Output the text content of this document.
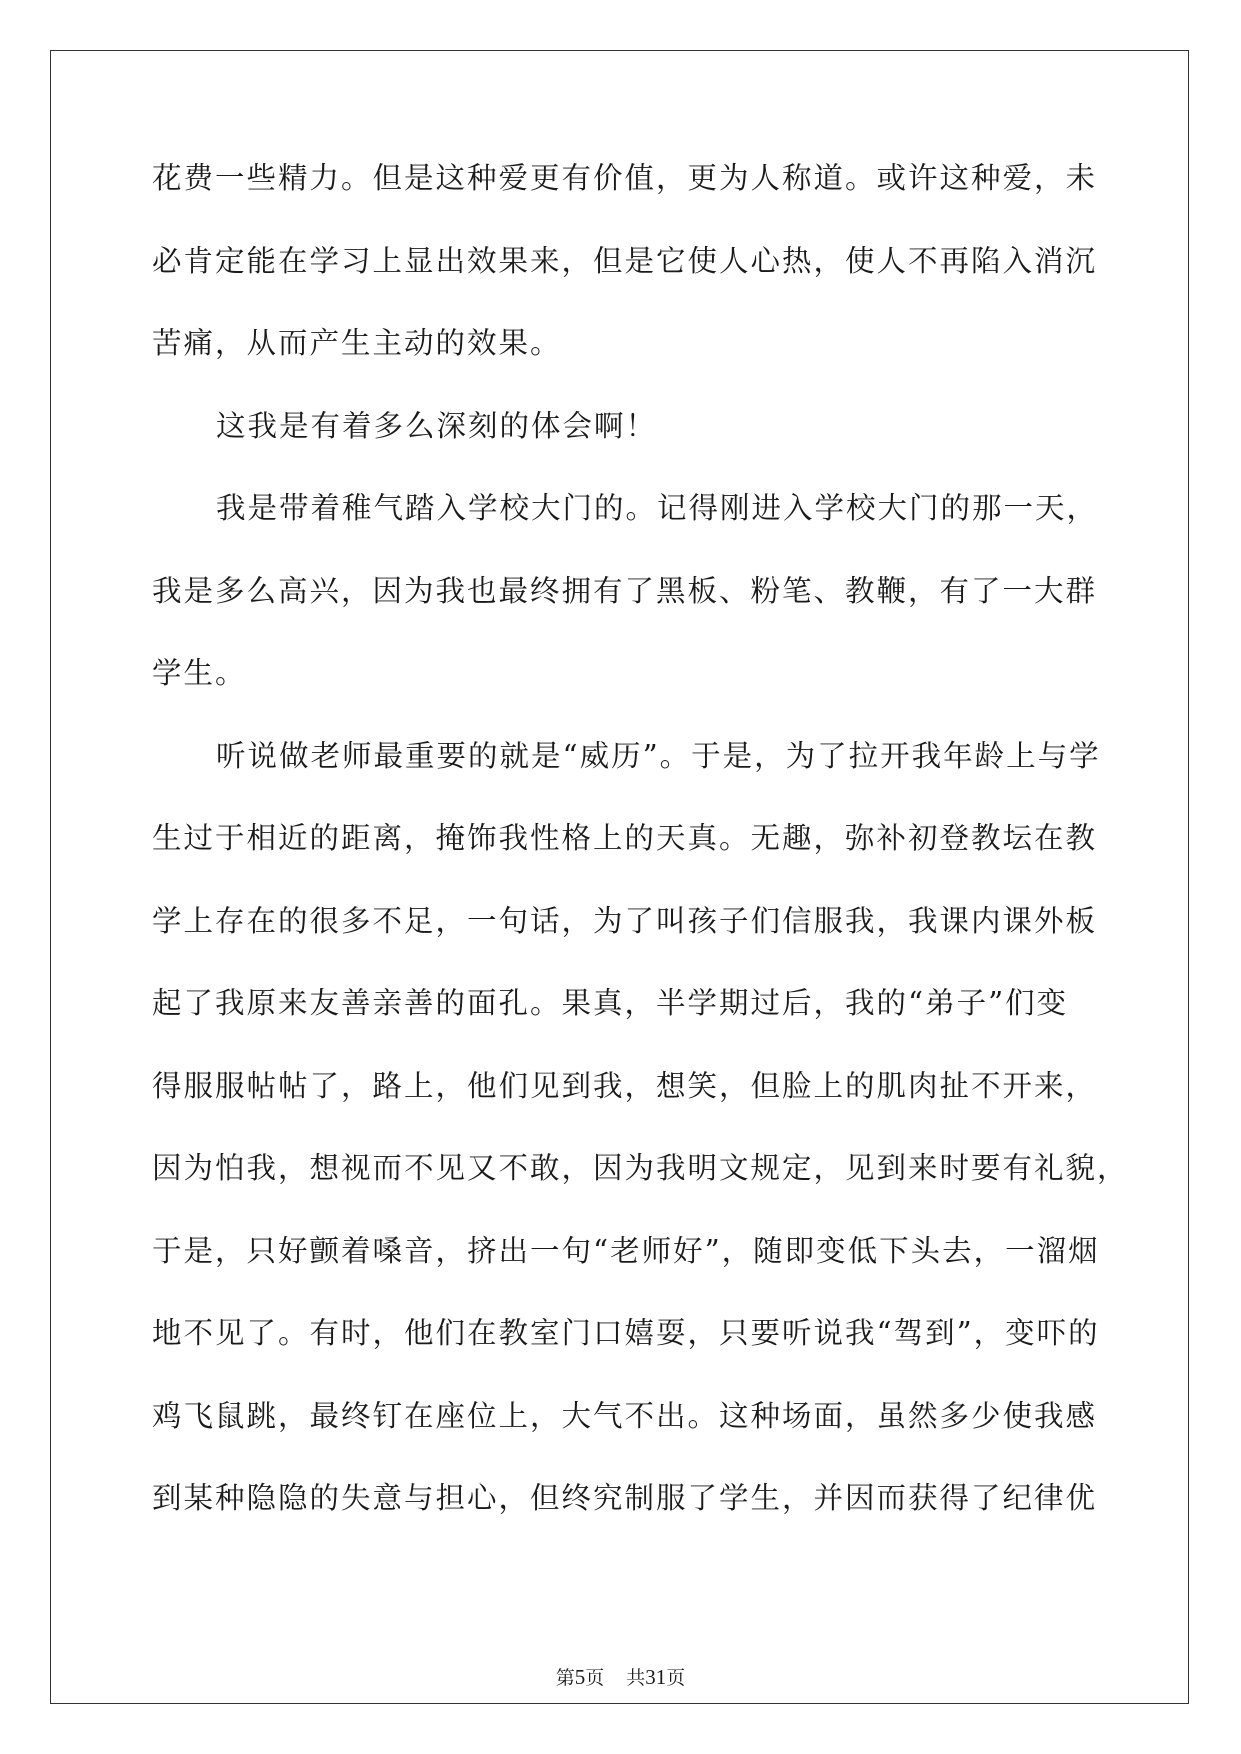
花费一些精力。但是这种爱更有价值，更为人称道。或许这种爱，未
必肯定能在学习上显出效果来，但是它使人心热，使人不再陷入消沉
苦痛，从而产生主动的效果。
这我是有着多么深刻的体会啊！
我是带着稚气踏入学校大门的。记得刚进入学校大门的那一天，
我是多么高兴，因为我也最终拥有了黑板、粉笔、教鞭，有了一大群
学生。
听说做老师最重要的就是“威历”。于是，为了拉开我年龄上与学
生过于相近的距离，掩饰我性格上的天真。无趣，弥补初登教坛在教
学上存在的很多不足，一句话，为了叫孩子们信服我，我课内课外板
起了我原来友善亲善的面孔。果真，半学期过后，我的“弟子”们变
得服服帖帖了，路上，他们见到我，想笑，但脸上的肌肉扯不开来，
因为怕我，想视而不见又不敢，因为我明文规定，见到来时要有礼貌，
于是，只好颤着嗓音，挤出一句“老师好”，随即变低下头去，一溜烟
地不见了。有时，他们在教室门口嬉耍，只要听说我“驾到”，变吓的
鸡飞鼠跳，最终钉在座位上，大气不出。这种场面，虽然多少使我感
到某种隐隐的失意与担心，但终究制服了学生，并因而获得了纪律优
第5页 共31页
